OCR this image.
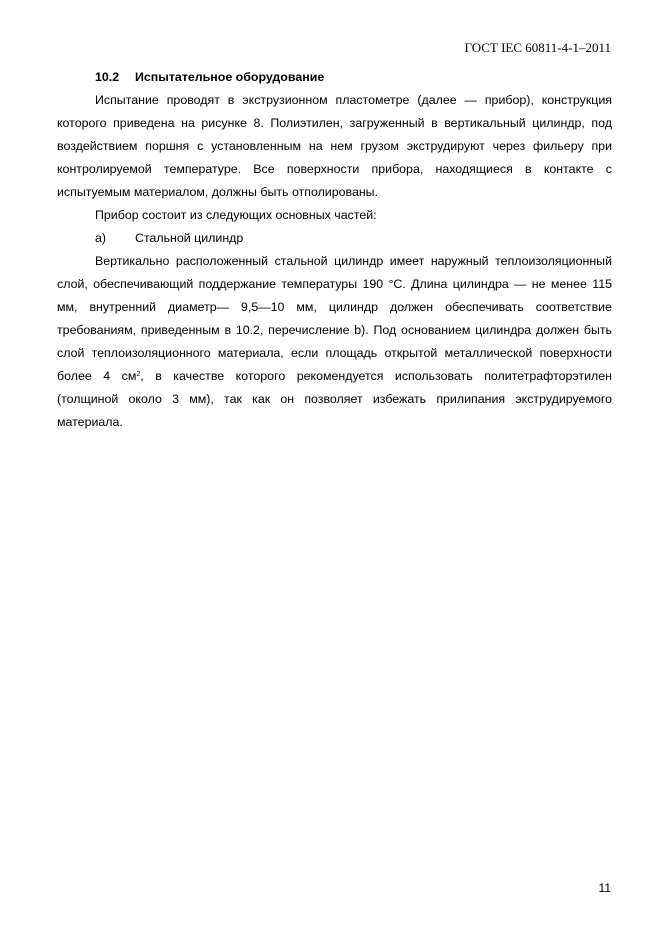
ГОСТ IEC 60811-4-1–2011

10.2 Испытательное оборудование

Испытание проводят в экструзионном пластометре (далее — прибор), конструкция которого приведена на рисунке 8. Полиэтилен, загруженный в вертикальный цилиндр, под воздействием поршня с установленным на нем грузом экструдируют через фильеру при контролируемой температуре. Все поверхности прибора, находящиеся в контакте с испытуемым материалом, должны быть отполированы.

Прибор состоит из следующих основных частей:

а) Стальной цилиндр

Вертикально расположенный стальной цилиндр имеет наружный теплоизоляционный слой, обеспечивающий поддержание температуры 190 °С. Длина цилиндра — не менее 115 мм, внутренний диаметр— 9,5—10 мм, цилиндр должен обеспечивать соответствие требованиям, приведенным в 10.2, перечисление b). Под основанием цилиндра должен быть слой теплоизоляционного материала, если площадь открытой металлической поверхности более 4 $см^2$, в качестве которого рекомендуется использовать политетрафторэтилен (толщиной около 3 мм), так как он позволяет избежать прилипания экструдируемого материала.

11
